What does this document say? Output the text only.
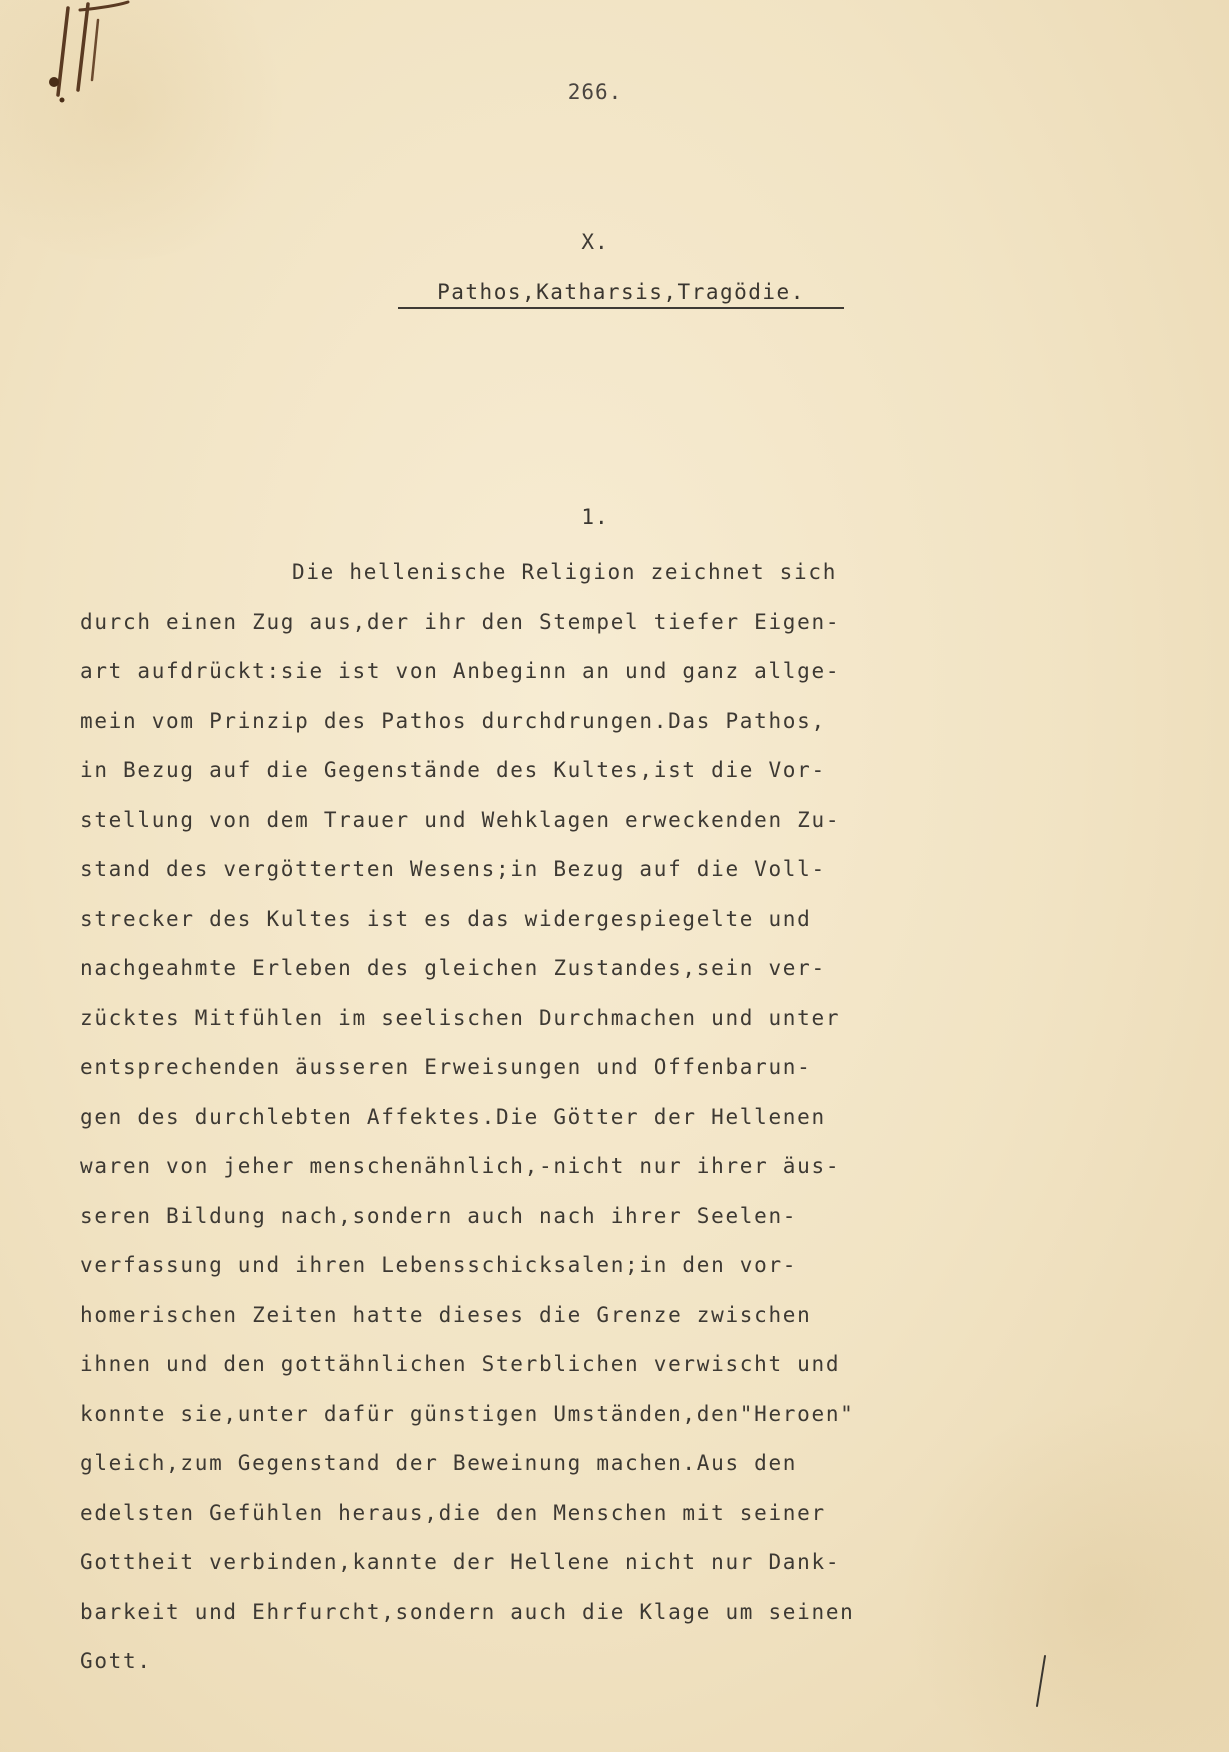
266.
X.
Pathos,Katharsis,Tragödie.
1.
Die hellenische Religion zeichnet sich
durch einen Zug aus,der ihr den Stempel tiefer Eigen-
art aufdrückt:sie ist von Anbeginn an und ganz allge-
mein vom Prinzip des Pathos durchdrungen.Das Pathos,
in Bezug auf die Gegenstände des Kultes,ist die Vor-
stellung von dem Trauer und Wehklagen erweckenden Zu-
stand des vergötterten Wesens;in Bezug auf die Voll-
strecker des Kultes ist es das widergespiegelte und
nachgeahmte Erleben des gleichen Zustandes,sein ver-
zücktes Mitfühlen im seelischen Durchmachen und unter
entsprechenden äusseren Erweisungen und Offenbarun-
gen des durchlebten Affektes.Die Götter der Hellenen
waren von jeher menschenähnlich,-nicht nur ihrer äus-
seren Bildung nach,sondern auch nach ihrer Seelen-
verfassung und ihren Lebensschicksalen;in den vor-
homerischen Zeiten hatte dieses die Grenze zwischen
ihnen und den gottähnlichen Sterblichen verwischt und
konnte sie,unter dafür günstigen Umständen,den"Heroen"
gleich,zum Gegenstand der Beweinung machen.Aus den
edelsten Gefühlen heraus,die den Menschen mit seiner
Gottheit verbinden,kannte der Hellene nicht nur Dank-
barkeit und Ehrfurcht,sondern auch die Klage um seinen
Gott.
